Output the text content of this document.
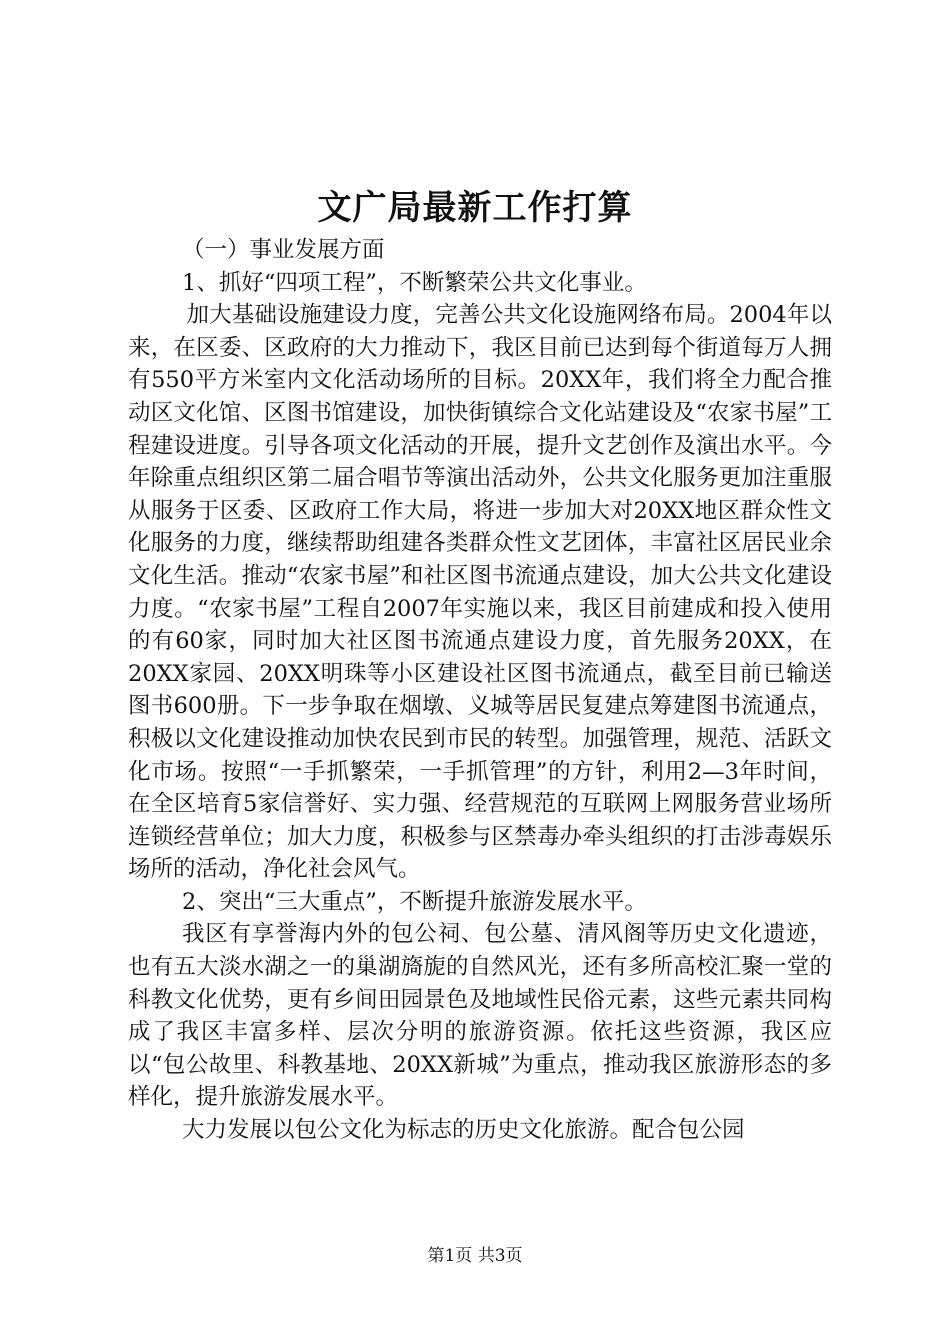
文广局最新工作打算

（一）事业发展方面

1、抓好“四项工程”，不断繁荣公共文化事业。

加大基础设施建设力度，完善公共文化设施网络布局。2004年以来，在区委、区政府的大力推动下，我区目前已达到每个街道每万人拥有550平方米室内文化活动场所的目标。20XX年，我们将全力配合推动区文化馆、区图书馆建设，加快街镇综合文化站建设及“农家书屋”工程建设进度。引导各项文化活动的开展，提升文艺创作及演出水平。今年除重点组织区第二届合唱节等演出活动外，公共文化服务更加注重服从服务于区委、区政府工作大局，将进一步加大对20XX地区群众性文化服务的力度，继续帮助组建各类群众性文艺团体，丰富社区居民业余文化生活。推动“农家书屋”和社区图书流通点建设，加大公共文化建设力度。“农家书屋”工程自2007年实施以来，我区目前建成和投入使用的有60家，同时加大社区图书流通点建设力度，首先服务20XX，在20XX家园、20XX明珠等小区建设社区图书流通点，截至目前已输送图书600册。下一步争取在烟墩、义城等居民复建点筹建图书流通点，积极以文化建设推动加快农民到市民的转型。加强管理，规范、活跃文化市场。按照“一手抓繁荣，一手抓管理”的方针，利用2—3年时间，在全区培育5家信誉好、实力强、经营规范的互联网上网服务营业场所连锁经营单位；加大力度，积极参与区禁毒办牵头组织的打击涉毒娱乐场所的活动，净化社会风气。

2、突出“三大重点”，不断提升旅游发展水平。

我区有享誉海内外的包公祠、包公墓、清风阁等历史文化遗迹，也有五大淡水湖之一的巢湖旖旎的自然风光，还有多所高校汇聚一堂的科教文化优势，更有乡间田园景色及地域性民俗元素，这些元素共同构成了我区丰富多样、层次分明的旅游资源。依托这些资源，我区应以“包公故里、科教基地、20XX新城”为重点，推动我区旅游形态的多样化，提升旅游发展水平。

大力发展以包公文化为标志的历史文化旅游。配合包公园

第1页 共3页
